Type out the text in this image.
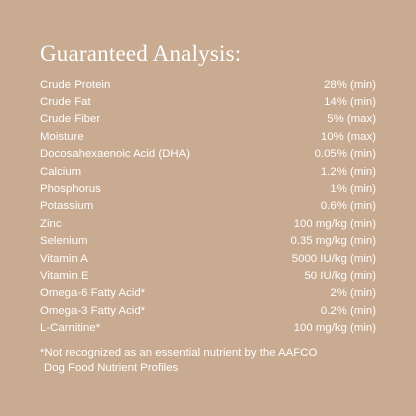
Guaranteed Analysis:
Crude Protein	28% (min)
Crude Fat	14% (min)
Crude Fiber	5% (max)
Moisture	10% (max)
Docosahexaenoic Acid (DHA)	0.05% (min)
Calcium	1.2% (min)
Phosphorus	1% (min)
Potassium	0.6% (min)
Zinc	100 mg/kg (min)
Selenium	0.35 mg/kg (min)
Vitamin A	5000 IU/kg (min)
Vitamin E	50 IU/kg (min)
Omega-6 Fatty Acid*	2% (min)
Omega-3 Fatty Acid*	0.2% (min)
L-Carnitine*	100 mg/kg (min)
*Not recognized as an essential nutrient by the AAFCO
Dog Food Nutrient Profiles
